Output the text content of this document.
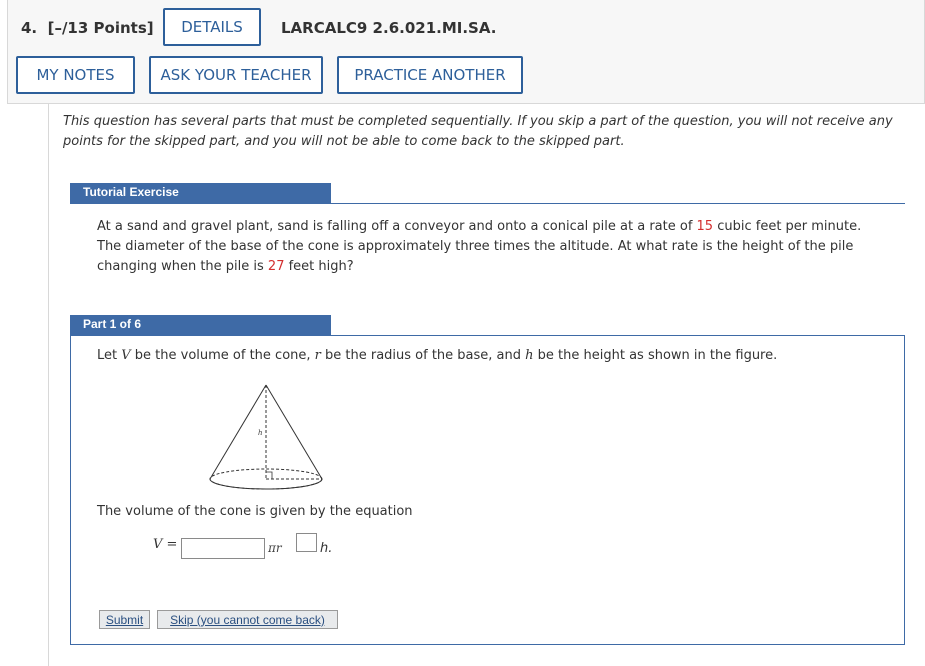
4. [–/13 Points]	DETAILS	LARCALC9 2.6.021.MI.SA.
MY NOTES	ASK YOUR TEACHER	PRACTICE ANOTHER
This question has several parts that must be completed sequentially. If you skip a part of the question, you will not receive any points for the skipped part, and you will not be able to come back to the skipped part.
Tutorial Exercise
At a sand and gravel plant, sand is falling off a conveyor and onto a conical pile at a rate of 15 cubic feet per minute. The diameter of the base of the cone is approximately three times the altitude. At what rate is the height of the pile changing when the pile is 27 feet high?
Part 1 of 6
Let V be the volume of the cone, r be the radius of the base, and h be the height as shown in the figure.
h
The volume of the cone is given by the equation
V =	πr	h.
Submit	Skip (you cannot come back)
